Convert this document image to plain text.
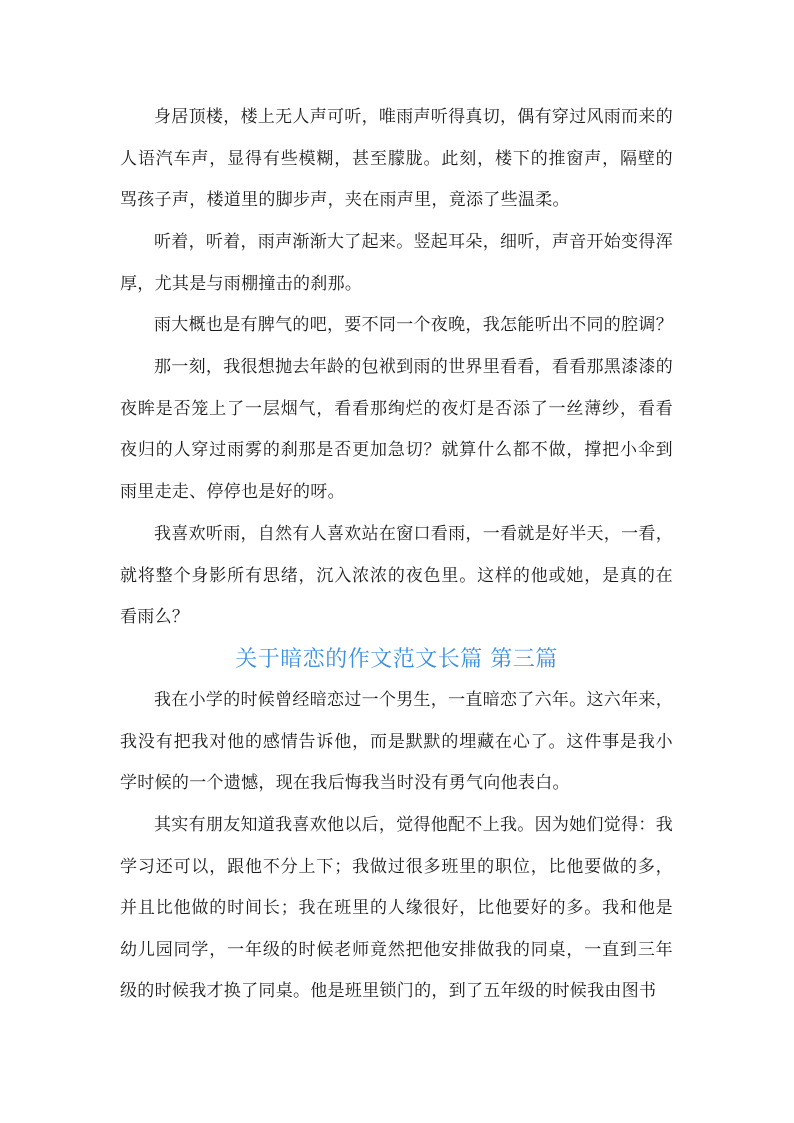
身居顶楼，楼上无人声可听，唯雨声听得真切，偶有穿过风雨而来的人语汽车声，显得有些模糊，甚至朦胧。此刻，楼下的推窗声，隔壁的骂孩子声，楼道里的脚步声，夹在雨声里，竟添了些温柔。

听着，听着，雨声渐渐大了起来。竖起耳朵，细听，声音开始变得浑厚，尤其是与雨棚撞击的刹那。

雨大概也是有脾气的吧，要不同一个夜晚，我怎能听出不同的腔调？

那一刻，我很想抛去年龄的包袱到雨的世界里看看，看看那黑漆漆的夜眸是否笼上了一层烟气，看看那绚烂的夜灯是否添了一丝薄纱，看看夜归的人穿过雨雾的刹那是否更加急切？就算什么都不做，撑把小伞到雨里走走、停停也是好的呀。

我喜欢听雨，自然有人喜欢站在窗口看雨，一看就是好半天，一看，就将整个身影所有思绪，沉入浓浓的夜色里。这样的他或她，是真的在看雨么？

关于暗恋的作文范文长篇 第三篇

我在小学的时候曾经暗恋过一个男生，一直暗恋了六年。这六年来，我没有把我对他的感情告诉他，而是默默的埋藏在心了。这件事是我小学时候的一个遗憾，现在我后悔我当时没有勇气向他表白。

其实有朋友知道我喜欢他以后，觉得他配不上我。因为她们觉得：我学习还可以，跟他不分上下；我做过很多班里的职位，比他要做的多，并且比他做的时间长；我在班里的人缘很好，比他要好的多。我和他是幼儿园同学，一年级的时候老师竟然把他安排做我的同桌，一直到三年级的时候我才换了同桌。他是班里锁门的，到了五年级的时候我由图书
